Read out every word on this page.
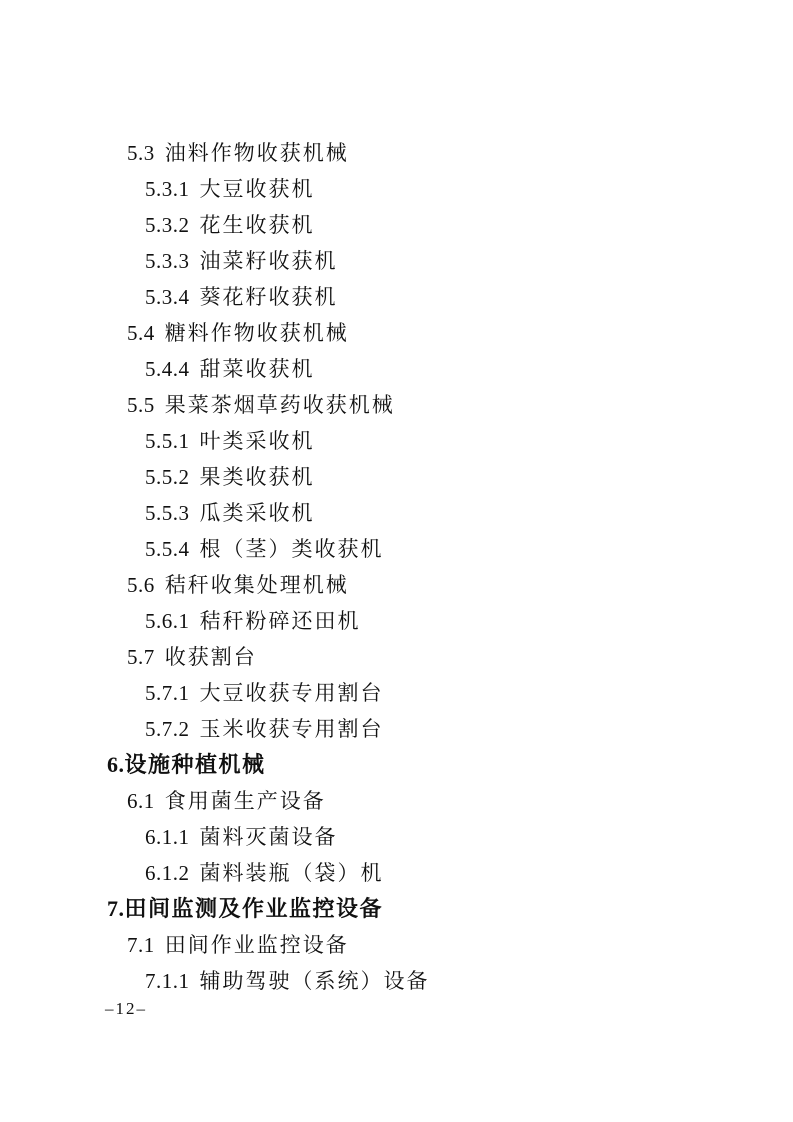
5.3 油料作物收获机械
5.3.1 大豆收获机
5.3.2 花生收获机
5.3.3 油菜籽收获机
5.3.4 葵花籽收获机
5.4 糖料作物收获机械
5.4.4 甜菜收获机
5.5 果菜茶烟草药收获机械
5.5.1 叶类采收机
5.5.2 果类收获机
5.5.3 瓜类采收机
5.5.4 根（茎）类收获机
5.6 秸秆收集处理机械
5.6.1 秸秆粉碎还田机
5.7 收获割台
5.7.1 大豆收获专用割台
5.7.2 玉米收获专用割台
6.设施种植机械
6.1 食用菌生产设备
6.1.1 菌料灭菌设备
6.1.2 菌料装瓶（袋）机
7.田间监测及作业监控设备
7.1 田间作业监控设备
7.1.1 辅助驾驶（系统）设备
–12–
